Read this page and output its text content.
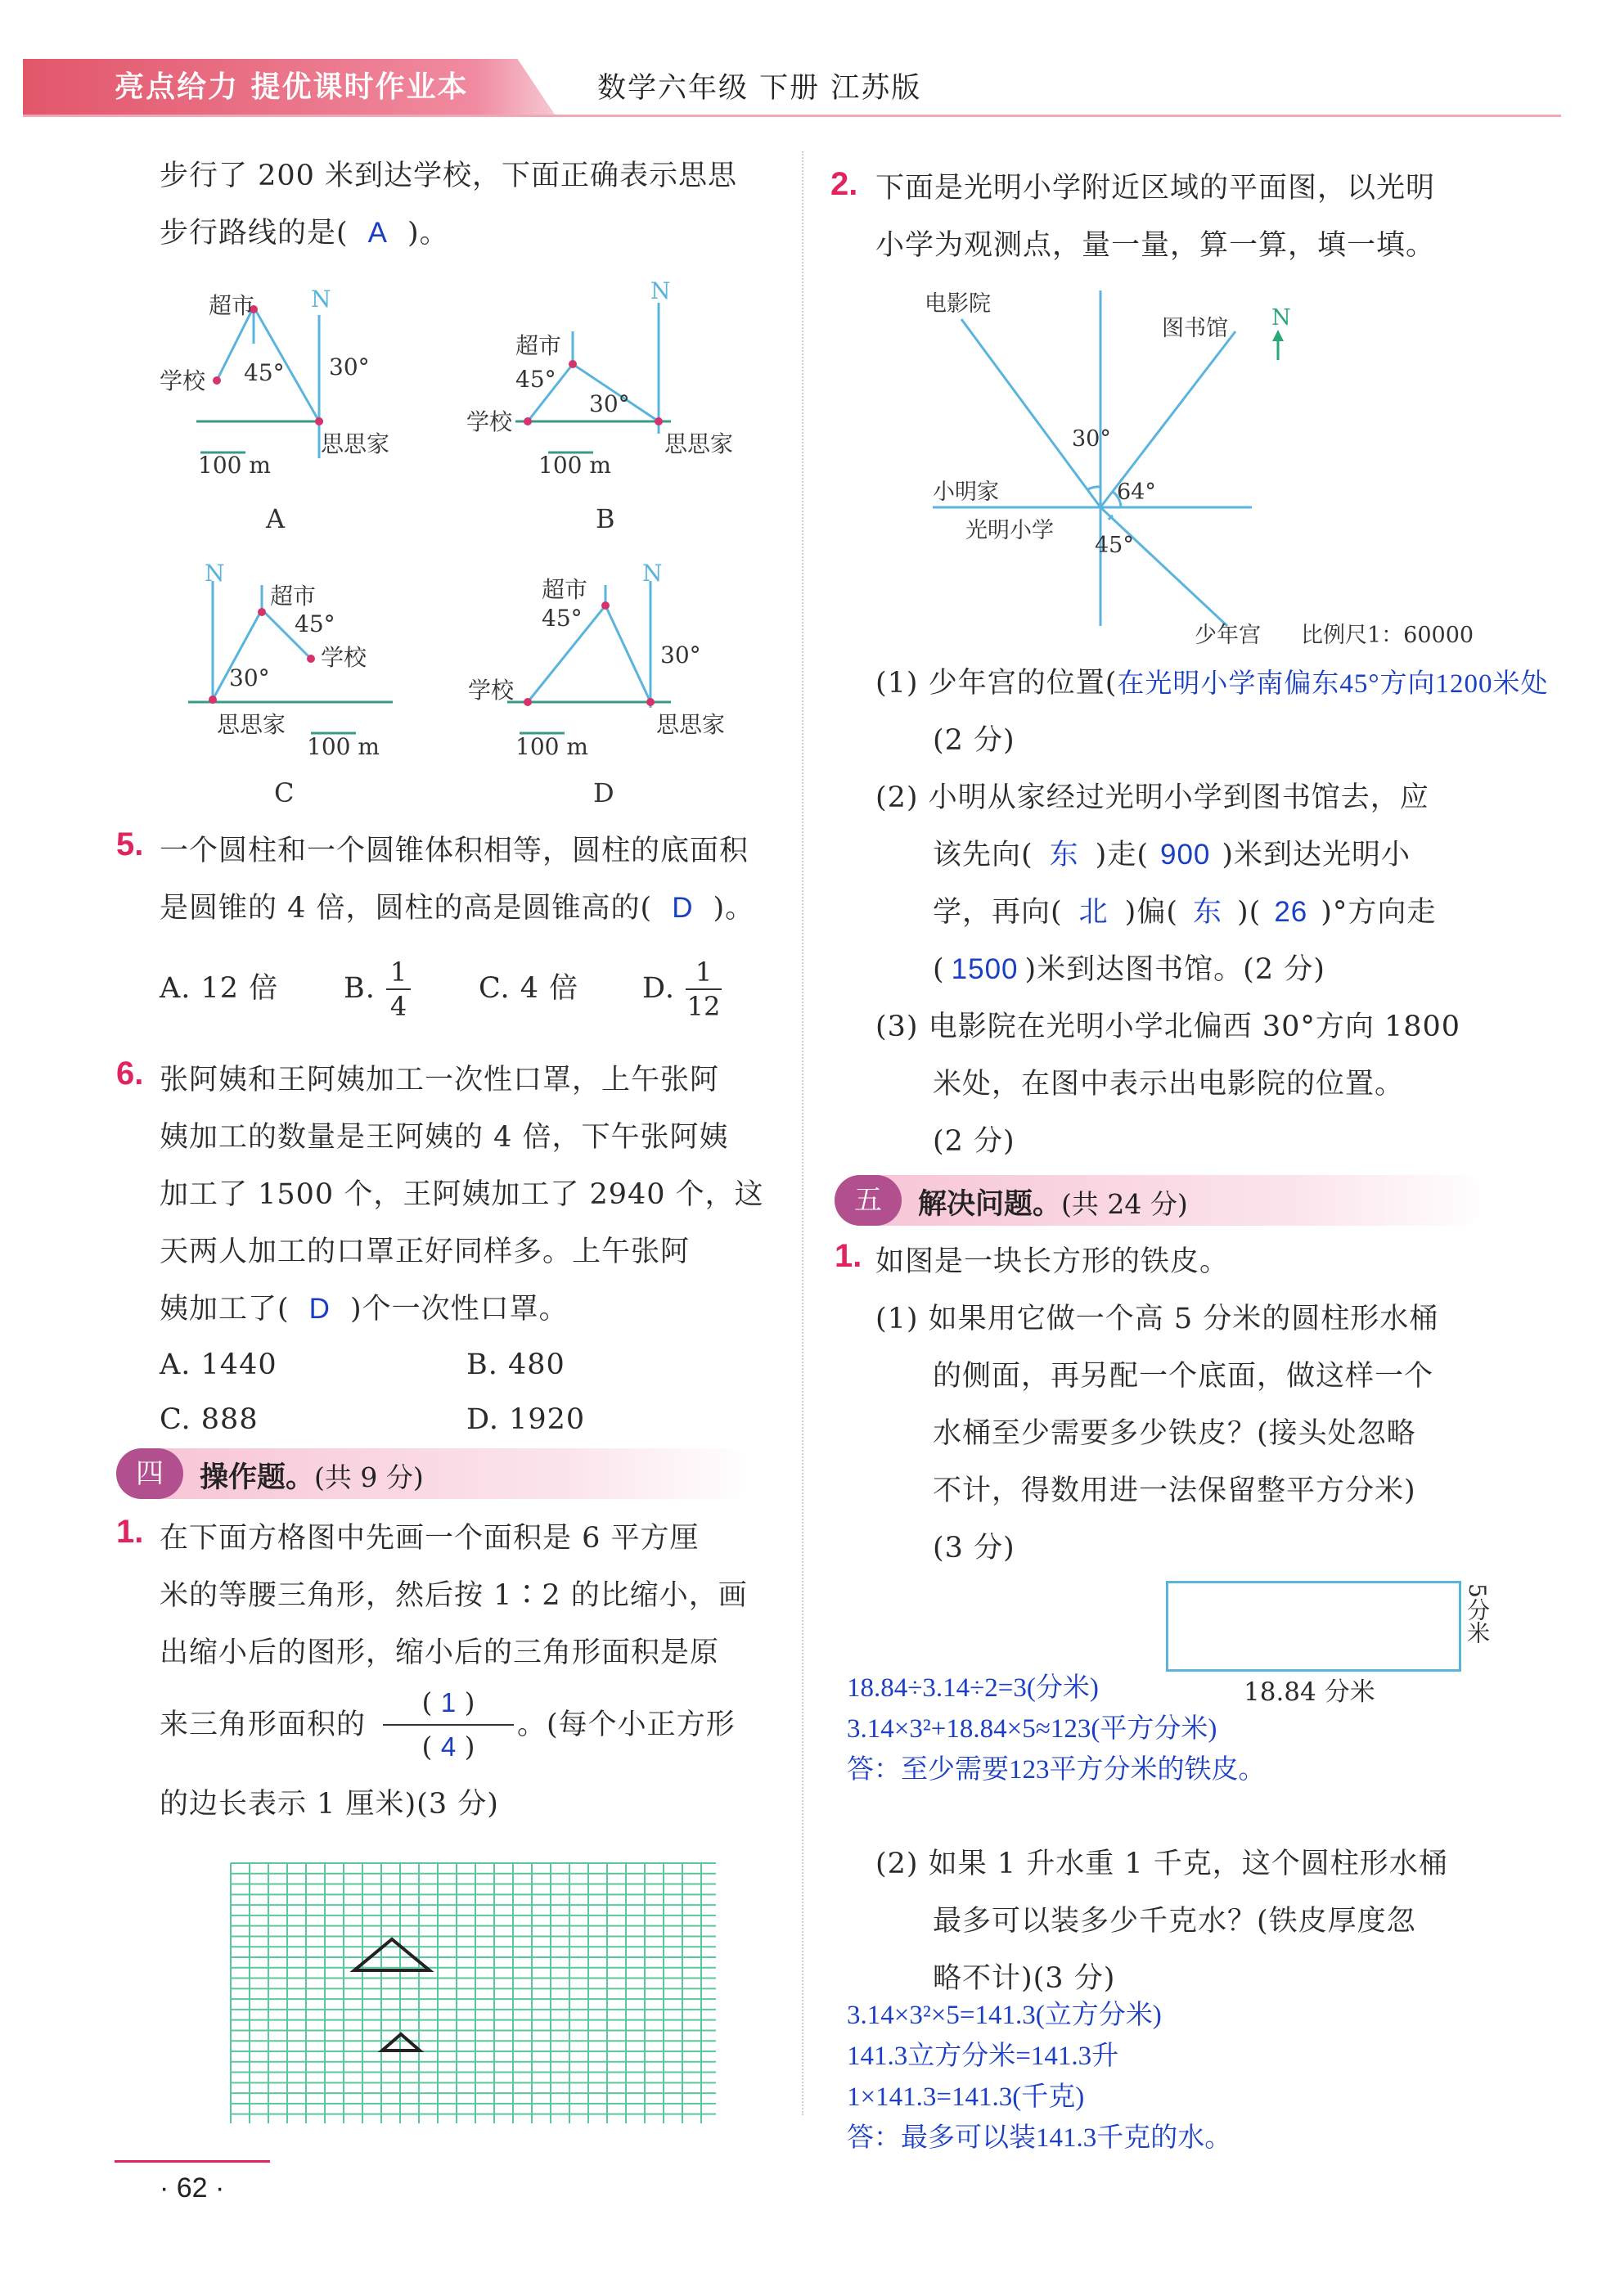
亮点给力 提优课时作业本	数学六年级 下册 江苏版
步行了 200 米到达学校，下面正确表示思思
步行路线的是( A )。
超市
学校 45° 30°
思思家
N
100 m
A
超市
45°
30°
学校
思思家
N
100 m
B
超市
45°
学校
30°
思思家
N
100 m
C
超市
45°
30°
学校
思思家
N
100 m
D
5. 一个圆柱和一个圆锥体积相等，圆柱的底面积
是圆锥的 4 倍，圆柱的高是圆锥高的( D )。
A. 12 倍 B. 1
4
C. 4 倍 D. 1
12
6. 张阿姨和王阿姨加工一次性口罩，上午张阿
姨加工的数量是王阿姨的 4 倍，下午张阿姨
加工了 1500 个，王阿姨加工了 2940 个，这
天两人加工的口罩正好同样多。上午张阿
姨加工了( D )个一次性口罩。
A. 1440	B. 480
C. 888	D. 1920
四	操作题。(共 9 分)
1. 在下面方格图中先画一个面积是 6 平方厘
米的等腰三角形，然后按 1∶2 的比缩小，画
出缩小后的图形，缩小后的三角形面积是原
来三角形面积的
( 1 )
( 4 )
。(每个小正方形
的边长表示 1 厘米)(3 分)
· 62 ·
2. 下面是光明小学附近区域的平面图，以光明
小学为观测点，量一量，算一算，填一填。
电影院
图书馆 N
30°
64°
小明家
光明小学
45°
少年宫 比例尺1：60000
(1) 少年宫的位置(在光明小学南偏东45°方向1200米处
(2 分)
(2) 小明从家经过光明小学到图书馆去，应
该先向( 东 )走( 900 )米到达光明小
学，再向( 北 )偏( 东 )( 26 )°方向走
( 1500 )米到达图书馆。(2 分)
(3) 电影院在光明小学北偏西 30°方向 1800
米处，在图中表示出电影院的位置。
(2 分)
五	解决问题。(共 24 分)
1. 如图是一块长方形的铁皮。
(1) 如果用它做一个高 5 分米的圆柱形水桶
的侧面，再另配一个底面，做这样一个
水桶至少需要多少铁皮？(接头处忽略
不计，得数用进一法保留整平方分米)
(3 分)
18.84 分米
5分米
18.84÷3.14÷2=3(分米)
3.14×3²+18.84×5≈123(平方分米)
答：至少需要123平方分米的铁皮。
(2) 如果 1 升水重 1 千克，这个圆柱形水桶
最多可以装多少千克水？(铁皮厚度忽
略不计)(3 分)
3.14×3²×5=141.3(立方分米)
141.3立方分米=141.3升
1×141.3=141.3(千克)
答：最多可以装141.3千克的水。
